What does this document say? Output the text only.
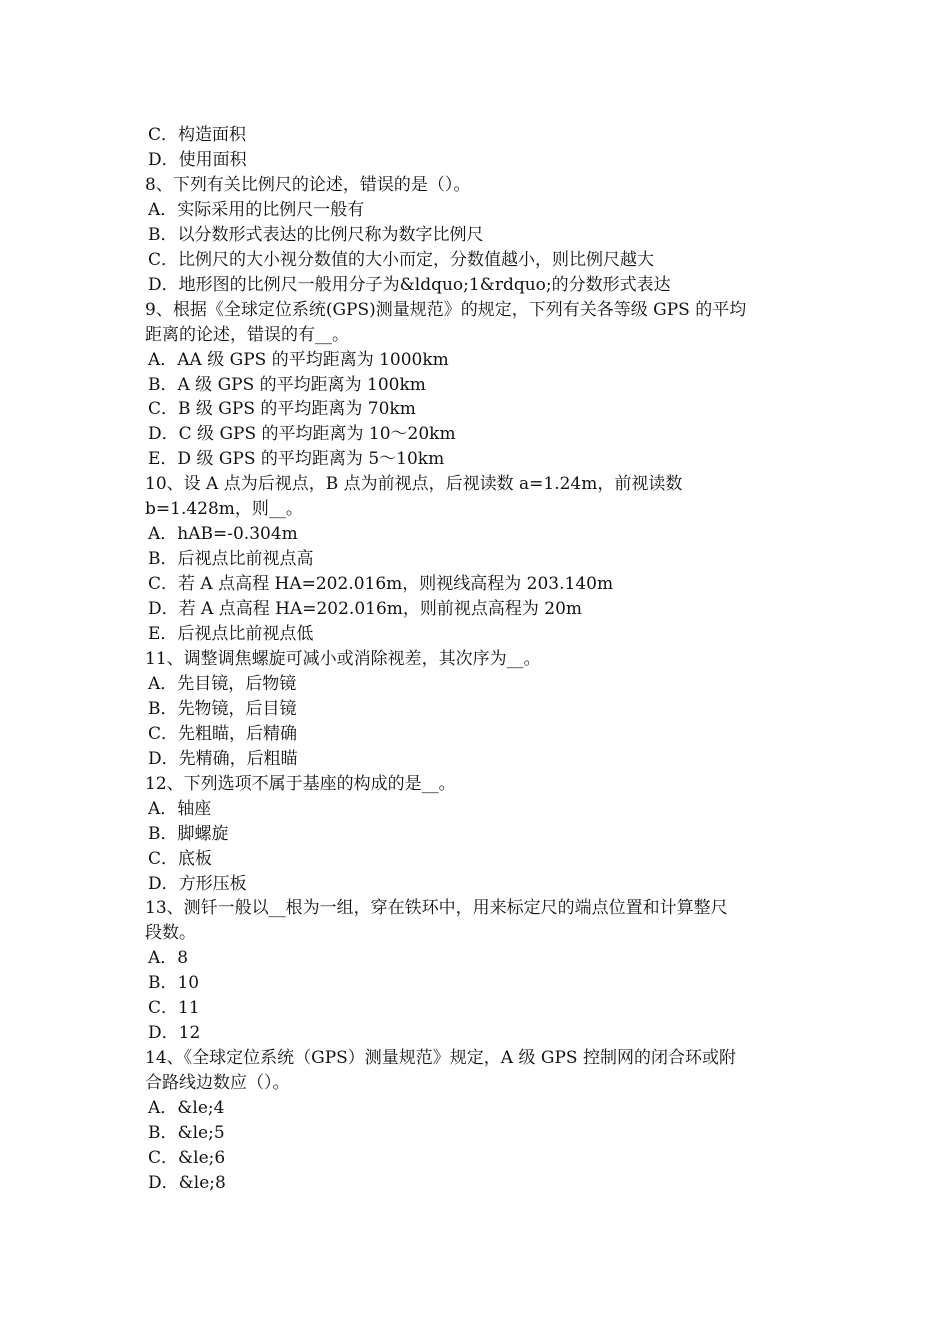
C．构造面积
D．使用面积
8、下列有关比例尺的论述，错误的是（）。
A．实际采用的比例尺一般有
B．以分数形式表达的比例尺称为数字比例尺
C．比例尺的大小视分数值的大小而定，分数值越小，则比例尺越大
D．地形图的比例尺一般用分子为&ldquo;1&rdquo;的分数形式表达
9、根据《全球定位系统(GPS)测量规范》的规定，下列有关各等级 GPS 的平均
距离的论述，错误的有__。
A．AA 级 GPS 的平均距离为 1000km
B．A 级 GPS 的平均距离为 100km
C．B 级 GPS 的平均距离为 70km
D．C 级 GPS 的平均距离为 10～20km
E．D 级 GPS 的平均距离为 5～10km
10、设 A 点为后视点，B 点为前视点，后视读数 a=1.24m，前视读数
b=1.428m，则__。
A．hAB=-0.304m
B．后视点比前视点高
C．若 A 点高程 HA=202.016m，则视线高程为 203.140m
D．若 A 点高程 HA=202.016m，则前视点高程为 20m
E．后视点比前视点低
11、调整调焦螺旋可减小或消除视差，其次序为__。
A．先目镜，后物镜
B．先物镜，后目镜
C．先粗瞄，后精确
D．先精确，后粗瞄
12、下列选项不属于基座的构成的是__。
A．轴座
B．脚螺旋
C．底板
D．方形压板
13、测钎一般以__根为一组，穿在铁环中，用来标定尺的端点位置和计算整尺
段数。
A．8
B．10
C．11
D．12
14、《全球定位系统（GPS）测量规范》规定，A 级 GPS 控制网的闭合环或附
合路线边数应（）。
A．&le;4
B．&le;5
C．&le;6
D．&le;8
